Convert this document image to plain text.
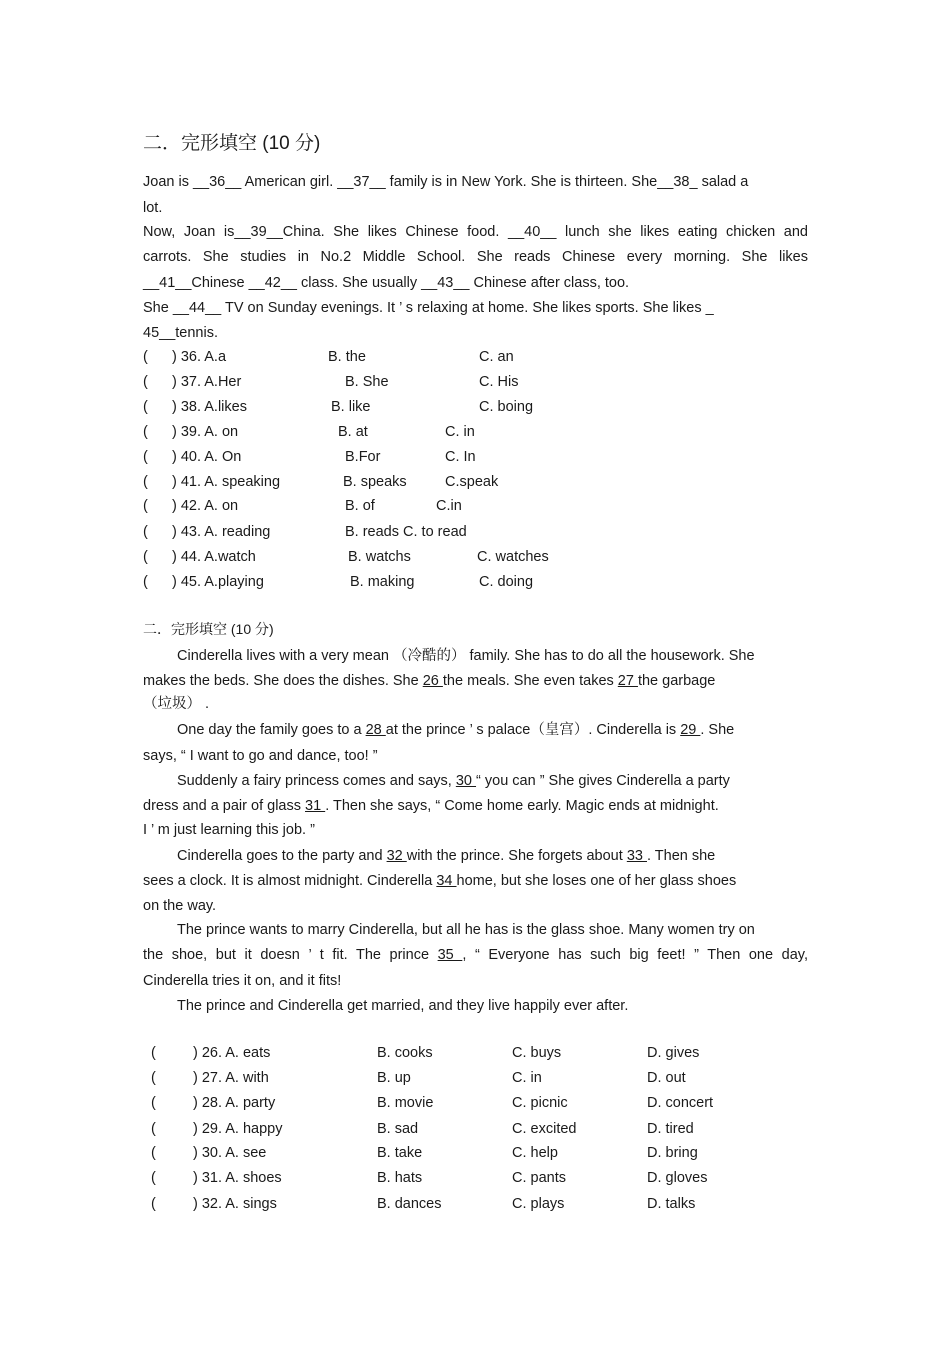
二．完形填空 (10 分)
Joan is __36__ American girl. __37__ family is in New York. She is thirteen. She__38_ salad a
lot.
Now, Joan is__39__China. She likes Chinese food. __40__ lunch she likes eating chicken and
carrots. She studies in No.2 Middle School. She reads Chinese every morning. She likes
__41__Chinese __42__ class. She usually __43__ Chinese after class, too.
She __44__ TV on Sunday evenings. It ’ s relaxing at home. She likes sports. She likes _
45__tennis.
( ) 36. A.a	B. the	C. an
( ) 37. A.Her	B. She	C. His
( ) 38. A.likes	B. like	C. boing
( ) 39. A. on	B. at	C. in
( ) 40. A. On	B.For	C. In
( ) 41. A. speaking	B. speaks	C.speak
( ) 42. A. on	B. of	C.in
( ) 43. A. reading	B. reads C. to read
( ) 44. A.watch	B. watchs	C. watches
( ) 45. A.playing	B. making	C. doing
二．完形填空 (10 分)
Cinderella lives with a very mean （冷酷的） family. She has to do all the housework. She
makes the beds. She does the dishes. She 26 the meals. She even takes 27 the garbage
（垃圾） .
One day the family goes to a 28 at the prince ’ s palace（皇宫）. Cinderella is 29 . She
says, “ I want to go and dance, too! ”
Suddenly a fairy princess comes and says, 30 “ you can ” She gives Cinderella a party
dress and a pair of glass 31 . Then she says, “ Come home early. Magic ends at midnight.
I ’ m just learning this job. ”
Cinderella goes to the party and 32 with the prince. She forgets about 33 . Then she
sees a clock. It is almost midnight. Cinderella 34 home, but she loses one of her glass shoes
on the way.
The prince wants to marry Cinderella, but all he has is the glass shoe. Many women try on
the shoe, but it doesn ’ t fit. The prince 35 , “ Everyone has such big feet! ” Then one day,
Cinderella tries it on, and it fits!
The prince and Cinderella get married, and they live happily ever after.
(	) 26. A. eats	B. cooks	C. buys	D. gives
(	) 27. A. with	B. up	C. in	D. out
(	) 28. A. party	B. movie	C. picnic	D. concert
(	) 29. A. happy	B. sad	C. excited	D. tired
(	) 30. A. see	B. take	C. help	D. bring
(	) 31. A. shoes	B. hats	C. pants	D. gloves
(	) 32. A. sings	B. dances	C. plays	D. talks
